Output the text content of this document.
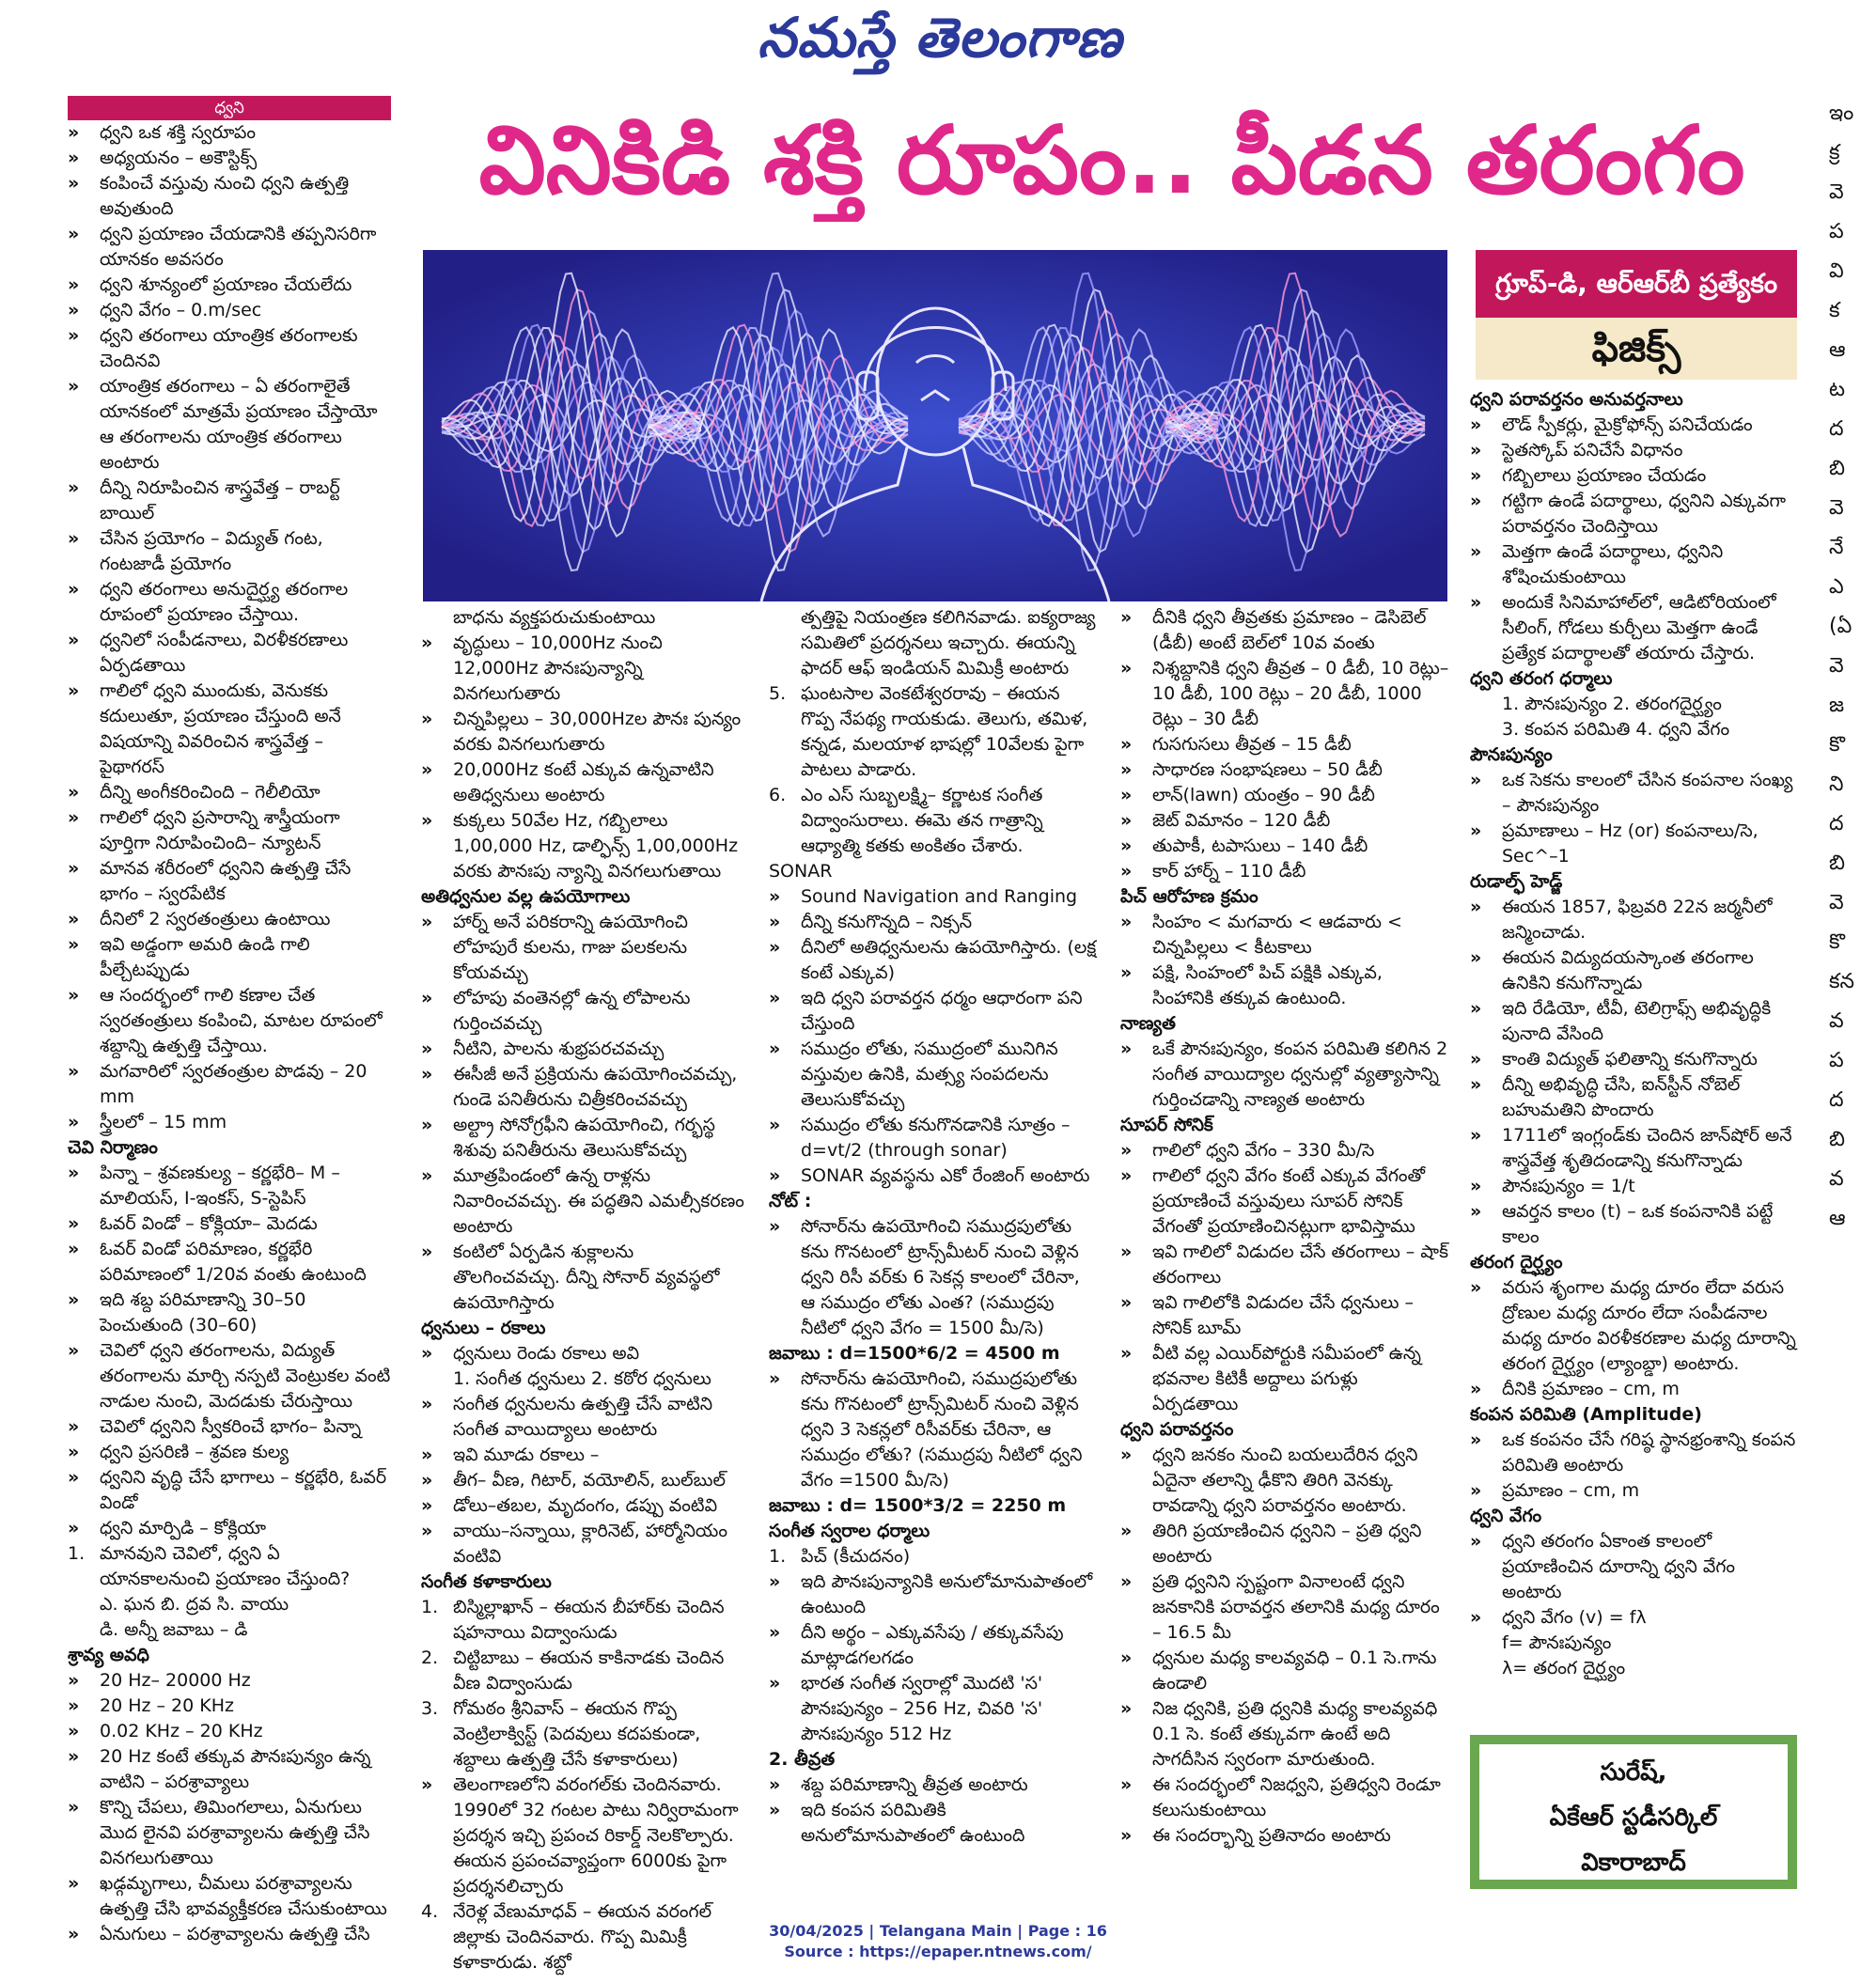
నమస్తే తెలంగాణ
వినికిడి శక్తి రూపం.. పీడన తరంగం
గ్రూప్-డి, ఆర్ఆర్‌బీ ప్రత్యేకం
ఫిజిక్స్

ధ్వని

» ధ్వని ఒక శక్తి స్వరూపం

» అధ్యయనం – అకౌస్టిక్స్

» కంపించే వస్తువు నుంచి ధ్వని ఉత్పత్తి అవుతుంది

» ధ్వని ప్రయాణం చేయడానికి తప్పనిసరిగా యానకం అవసరం

» ధ్వని శూన్యంలో ప్రయాణం చేయలేదు

» ధ్వని వేగం – 0.m/sec

» ధ్వని తరంగాలు యాంత్రిక తరంగాలకు చెందినవి

» యాంత్రిక తరంగాలు – ఏ తరంగాలైతే యానకంలో మాత్రమే ప్రయాణం చేస్తాయో ఆ తరంగాలను యాంత్రిక తరంగాలు అంటారు

» దీన్ని నిరూపించిన శాస్త్రవేత్త – రాబర్ట్ బాయిల్

» చేసిన ప్రయోగం – విద్యుత్ గంట, గంటజాడీ ప్రయోగం

» ధ్వని తరంగాలు అనుదైర్ఘ్య తరంగాల రూపంలో ప్రయాణం చేస్తాయి.

» ధ్వనిలో సంపీడనాలు, విరళీకరణాలు ఏర్పడతాయి

» గాలిలో ధ్వని ముందుకు, వెనుకకు కదులుతూ, ప్రయాణం చేస్తుంది అనే విషయాన్ని వివరించిన శాస్త్రవేత్త – పైథాగరస్

» దీన్ని అంగీకరించింది – గెలీలియో

» గాలిలో ధ్వని ప్రసారాన్ని శాస్త్రీయంగా పూర్తిగా నిరూపించింది– న్యూటన్

» మానవ శరీరంలో ధ్వనిని ఉత్పత్తి చేసే భాగం – స్వరపేటిక

» దీనిలో 2 స్వరతంత్రులు ఉంటాయి

» ఇవి అడ్డంగా అమరి ఉండి గాలి పీల్చేటప్పుడు

» ఆ సందర్భంలో గాలి కణాల చేత స్వరతంత్రులు కంపించి, మాటల రూపంలో శబ్దాన్ని ఉత్పత్తి చేస్తాయి.

» మగవారిలో స్వరతంత్రుల పొడవు – 20 mm

» స్త్రీలలో – 15 mm

చెవి నిర్మాణం

» పిన్నా – శ్రవణకుల్య – కర్ణభేరి– M – మాలియస్, I-ఇంకస్, S-స్టెపిస్

» ఓవర్ విండో – కోక్లియా– మెదడు

» ఓవర్ విండో పరిమాణం, కర్ణభేరి పరిమాణంలో 1/20వ వంతు ఉంటుంది

» ఇది శబ్ద పరిమాణాన్ని 30–50 పెంచుతుంది (30–60)

» చెవిలో ధ్వని తరంగాలను, విద్యుత్ తరంగాలను మార్చి నస్పటి వెంట్రుకల వంటి నాడుల నుంచి, మెదడుకు చేరుస్తాయి

» చెవిలో ధ్వనిని స్వీకరించే భాగం– పిన్నా

» ధ్వని ప్రసరిణి – శ్రవణ కుల్య

» ధ్వనిని వృద్ధి చేసే భాగాలు – కర్ణభేరి, ఓవర్ విండో

» ధ్వని మార్పిడి – కోక్లియా

1. మానవుని చెవిలో, ధ్వని ఏ యానకాలనుంచి ప్రయాణం చేస్తుంది?

ఎ. ఘన బి. ద్రవ సి. వాయు

డి. అన్నీ జవాబు – డి

శ్రావ్య అవధి

» 20 Hz– 20000 Hz

» 20 Hz – 20 KHz

» 0.02 KHz – 20 KHz

» 20 Hz కంటే తక్కువ పౌనఃపున్యం ఉన్న వాటిని – పరశ్రావ్యాలు

» కొన్ని చేపలు, తిమింగలాలు, ఏనుగులు మొద లైనవి పరశ్రావ్యాలను ఉత్పత్తి చేసి వినగలుగుతాయి

» ఖడ్గమృగాలు, చీమలు పరశ్రావ్యాలను ఉత్పత్తి చేసి భావవ్యక్తీకరణ చేసుకుంటాయి

» ఏనుగులు – పరశ్రావ్యాలను ఉత్పత్తి చేసి

బాధను వ్యక్తపరుచుకుంటాయి

» వృద్ధులు – 10,000Hz నుంచి 12,000Hz పౌనఃపున్యాన్ని వినగలుగుతారు

» చిన్నపిల్లలు – 30,000Hzల పౌనః పున్యం వరకు వినగలుగుతారు

» 20,000Hz కంటే ఎక్కువ ఉన్నవాటిని అతిధ్వనులు అంటారు

» కుక్కలు 50వేల Hz, గబ్బిలాలు 1,00,000 Hz, డాల్ఫిన్స్ 1,00,000Hz వరకు పౌనఃపు న్యాన్ని వినగలుగుతాయి

అతిధ్వనుల వల్ల ఉపయోగాలు

» హార్న్ అనే పరికరాన్ని ఉపయోగించి లోహపురే కులను, గాజు పలకలను కోయవచ్చు

» లోహపు వంతెనల్లో ఉన్న లోపాలను గుర్తించవచ్చు

» నీటిని, పాలను శుభ్రపరచవచ్చు

» ఈసీజీ అనే ప్రక్రియను ఉపయోగించవచ్చు, గుండె పనితీరును చిత్రీకరించవచ్చు

» అల్ట్రా సోనోగ్రఫీని ఉపయోగించి, గర్భస్థ శిశువు పనితీరును తెలుసుకోవచ్చు

» మూత్రపిండంలో ఉన్న రాళ్లను నివారించవచ్చు. ఈ పద్ధతిని ఎమల్సీకరణం అంటారు

» కంటిలో ఏర్పడిన శుక్లాలను తొలగించవచ్చు. దీన్ని సోనార్ వ్యవస్థలో ఉపయోగిస్తారు

ధ్వనులు – రకాలు

» ధ్వనులు రెండు రకాలు అవి

1. సంగీత ధ్వనులు 2. కఠోర ధ్వనులు

» సంగీత ధ్వనులను ఉత్పత్తి చేసే వాటిని సంగీత వాయిద్యాలు అంటారు

» ఇవి మూడు రకాలు –

» తీగ– వీణ, గిటార్, వయోలిన్, బుల్‌బుల్

» డోలు–తబల, మృదంగం, డప్పు వంటివి

» వాయు–సన్నాయి, క్లారినెట్, హార్మోనియం వంటివి

సంగీత కళాకారులు

1. బిస్మిల్లాఖాన్ – ఈయన బీహార్‌కు చెందిన షహనాయి విద్వాంసుడు

2. చిట్టిబాబు – ఈయన కాకినాడకు చెందిన వీణ విద్వాంసుడు

3. గోమఠం శ్రీనివాస్ – ఈయన గొప్ప వెంట్రిలాక్విస్ట్ (పెదవులు కదపకుండా, శబ్దాలు ఉత్పత్తి చేసే కళాకారులు)

» తెలంగాణలోని వరంగల్‌కు చెందినవారు. 1990లో 32 గంటల పాటు నిర్విరామంగా ప్రదర్శన ఇచ్చి ప్రపంచ రికార్డ్ నెలకొల్పారు. ఈయన ప్రపంచవ్యాప్తంగా 6000కు పైగా ప్రదర్శనలిచ్చారు

4. నేరెళ్ల వేణుమాధవ్ – ఈయన వరంగల్ జిల్లాకు చెందినవారు. గొప్ప మిమిక్రీ కళాకారుడు. శబ్దో

త్పత్తిపై నియంత్రణ కలిగినవాడు. ఐక్యరాజ్య సమితిలో ప్రదర్శనలు ఇచ్చారు. ఈయన్ని ఫాదర్ ఆఫ్ ఇండియన్ మిమిక్రీ అంటారు

5. ఘంటసాల వెంకటేశ్వరరావు – ఈయన గొప్ప నేపథ్య గాయకుడు. తెలుగు, తమిళ, కన్నడ, మలయాళ భాషల్లో 10వేలకు పైగా పాటలు పాడారు.

6. ఎం ఎస్ సుబ్బలక్ష్మి– కర్ణాటక సంగీత విద్వాంసురాలు. ఈమె తన గాత్రాన్ని ఆధ్యాత్మి కతకు అంకితం చేశారు.

SONAR

» Sound Navigation and Ranging

» దీన్ని కనుగొన్నది – నిక్సన్

» దీనిలో అతిధ్వనులను ఉపయోగిస్తారు. (లక్ష కంటే ఎక్కువ)

» ఇది ధ్వని పరావర్తన ధర్మం ఆధారంగా పని చేస్తుంది

» సముద్రం లోతు, సముద్రంలో మునిగిన వస్తువుల ఉనికి, మత్స్య సంపదలను తెలుసుకోవచ్చు

» సముద్రం లోతు కనుగొనడానికి సూత్రం – d=vt/2 (through sonar)

» SONAR వ్యవస్థను ఎకో రేంజింగ్ అంటారు

నోట్ :

» సోనార్‌ను ఉపయోగించి సముద్రపులోతు కను గొనటంలో ట్రాన్స్‌మీటర్ నుంచి వెళ్లిన ధ్వని రిసీ వర్‌కు 6 సెకన్ల కాలంలో చేరినా, ఆ సముద్రం లోతు ఎంత? (సముద్రపు నీటిలో ధ్వని వేగం = 1500 మీ/సె)

జవాబు : d=1500*6/2 = 4500 m

» సోనార్‌ను ఉపయోగించి, సముద్రపులోతు కను గొనటంలో ట్రాన్స్‌మిటర్ నుంచి వెళ్లిన ధ్వని 3 సెకన్లలో రిసీవర్‌కు చేరినా, ఆ సముద్రం లోతు? (సముద్రపు నీటిలో ధ్వని వేగం =1500 మీ/సె)

జవాబు : d= 1500*3/2 = 2250 m

సంగీత స్వరాల ధర్మాలు

1. పిచ్ (కీచుదనం)

» ఇది పౌనఃపున్యానికి అనులోమానుపాతంలో ఉంటుంది

» దీని అర్థం – ఎక్కువసేపు / తక్కువసేపు మాట్లాడగలగడం

» భారత సంగీత స్వరాల్లో మొదటి 'స' పౌనఃపున్యం – 256 Hz, చివరి 'స' పౌనఃపున్యం 512 Hz

2. తీవ్రత

» శబ్ద పరిమాణాన్ని తీవ్రత అంటారు

» ఇది కంపన పరిమితికి అనులోమానుపాతంలో ఉంటుంది

» దీనికి ధ్వని తీవ్రతకు ప్రమాణం – డెసిబెల్ (డీబీ) అంటే బెల్‌లో 10వ వంతు

» నిశ్శబ్దానికి ధ్వని తీవ్రత – 0 డీబీ, 10 రెట్లు– 10 డీబీ, 100 రెట్లు – 20 డీబీ, 1000 రెట్లు – 30 డీబీ

» గుసగుసలు తీవ్రత – 15 డీబీ

» సాధారణ సంభాషణలు – 50 డీబీ

» లాన్(lawn) యంత్రం – 90 డీబీ

» జెట్ విమానం – 120 డీబీ

» తుపాకీ, టపాసులు – 140 డీబీ

» కార్ హార్న్ – 110 డీబీ

పిచ్ ఆరోహణ క్రమం

» సింహం < మగవారు < ఆడవారు < చిన్నపిల్లలు < కీటకాలు

» పక్షి, సింహంలో పిచ్ పక్షికి ఎక్కువ, సింహానికి తక్కువ ఉంటుంది.

నాణ్యత

» ఒకే పౌనఃపున్యం, కంపన పరిమితి కలిగిన 2 సంగీత వాయిద్యాల ధ్వనుల్లో వ్యత్యాసాన్ని గుర్తించడాన్ని నాణ్యత అంటారు

సూపర్ సోనిక్

» గాలిలో ధ్వని వేగం – 330 మీ/సె

» గాలిలో ధ్వని వేగం కంటే ఎక్కువ వేగంతో ప్రయాణించే వస్తువులు సూపర్ సోనిక్ వేగంతో ప్రయాణించినట్లుగా భావిస్తాము

» ఇవి గాలిలో విడుదల చేసే తరంగాలు – షాక్ తరంగాలు

» ఇవి గాలిలోకి విడుదల చేసే ధ్వనులు – సోనిక్ బూమ్

» వీటి వల్ల ఎయిర్‌పోర్టుకి సమీపంలో ఉన్న భవనాల కిటికీ అద్దాలు పగుళ్లు ఏర్పడతాయి

ధ్వని పరావర్తనం

» ధ్వని జనకం నుంచి బయలుదేరిన ధ్వని ఏదైనా తలాన్ని ఢీకొని తిరిగి వెనక్కు రావడాన్ని ధ్వని పరావర్తనం అంటారు.

» తిరిగి ప్రయాణించిన ధ్వనిని – ప్రతి ధ్వని అంటారు

» ప్రతి ధ్వనిని స్పష్టంగా వినాలంటే ధ్వని జనకానికి పరావర్తన తలానికి మధ్య దూరం – 16.5 మీ

» ధ్వనుల మధ్య కాలవ్యవధి – 0.1 సె.గాను ఉండాలి

» నిజ ధ్వనికి, ప్రతి ధ్వనికి మధ్య కాలవ్యవధి 0.1 సె. కంటే తక్కువగా ఉంటే అది సాగదీసిన స్వరంగా మారుతుంది.

» ఈ సందర్భంలో నిజధ్వని, ప్రతిధ్వని రెండూ కలుసుకుంటాయి

» ఈ సందర్భాన్ని ప్రతినాదం అంటారు

ధ్వని పరావర్తనం అనువర్తనాలు

» లౌడ్ స్పీకర్లు, మైక్రోఫోన్స్ పనిచేయడం

» స్టెతస్కోప్ పనిచేసే విధానం

» గబ్బిలాలు ప్రయాణం చేయడం

» గట్టిగా ఉండే పదార్థాలు, ధ్వనిని ఎక్కువగా పరావర్తనం చెందిస్తాయి

» మెత్తగా ఉండే పదార్థాలు, ధ్వనిని శోషించుకుంటాయి

» అందుకే సినిమాహాల్‌లో, ఆడిటోరియంలో సీలింగ్, గోడలు కుర్చీలు మెత్తగా ఉండే ప్రత్యేక పదార్థాలతో తయారు చేస్తారు.

ధ్వని తరంగ ధర్మాలు

1. పౌనఃపున్యం 2. తరంగదైర్ఘ్యం

3. కంపన పరిమితి 4. ధ్వని వేగం

పౌనఃపున్యం

» ఒక సెకను కాలంలో చేసిన కంపనాల సంఖ్య – పౌనఃపున్యం

» ప్రమాణాలు – Hz (or) కంపనాలు/సె, Sec^–1

రుడాల్ఫ్ హెడ్జ్

» ఈయన 1857, ఫిబ్రవరి 22న జర్మనీలో జన్మించాడు.

» ఈయన విద్యుదయస్కాంత తరంగాల ఉనికిని కనుగొన్నాడు

» ఇది రేడియో, టీవీ, టెలిగ్రాఫ్స్ అభివృద్ధికి పునాది వేసింది

» కాంతి విద్యుత్ ఫలితాన్ని కనుగొన్నారు

» దీన్ని అభివృద్ధి చేసి, ఐన్‌స్టీన్ నోబెల్ బహుమతిని పొందారు

» 1711లో ఇంగ్లండ్‌కు చెందిన జాన్‌షోర్ అనే శాస్త్రవేత్త శృతిదండాన్ని కనుగొన్నాడు

» పౌనఃపున్యం = 1/t

» ఆవర్తన కాలం (t) – ఒక కంపనానికి పట్టే కాలం

తరంగ దైర్ఘ్యం

» వరుస శృంగాల మధ్య దూరం లేదా వరుస ద్రోణుల మధ్య దూరం లేదా సంపీడనాల మధ్య దూరం విరళీకరణాల మధ్య దూరాన్ని తరంగ దైర్ఘ్యం (ల్యాంబ్డా) అంటారు.

» దీనికి ప్రమాణం – cm, m

కంపన పరిమితి (Amplitude)

» ఒక కంపనం చేసే గరిష్ఠ స్థానభ్రంశాన్ని కంపన పరిమితి అంటారు

» ప్రమాణం – cm, m

ధ్వని వేగం

» ధ్వని తరంగం ఏకాంత కాలంలో ప్రయాణించిన దూరాన్ని ధ్వని వేగం అంటారు

» ధ్వని వేగం (v) = fλ

f= పౌనఃపున్యం

λ= తరంగ దైర్ఘ్యం

సురేష్,
ఏకేఆర్ స్టడీసర్కిల్
వికారాబాద్
ఇం
క్ర
వె
ప
వి
క
ఆ
ట
ద
బి
వె
నే
ఎ
(ఏ
వె
జ
కొ
ని
ద
బి
వె
కొ
కన
వ
ప
ద
బి
వ
ఆ
30/04/2025 | Telangana Main | Page : 16
Source : https://epaper.ntnews.com/
